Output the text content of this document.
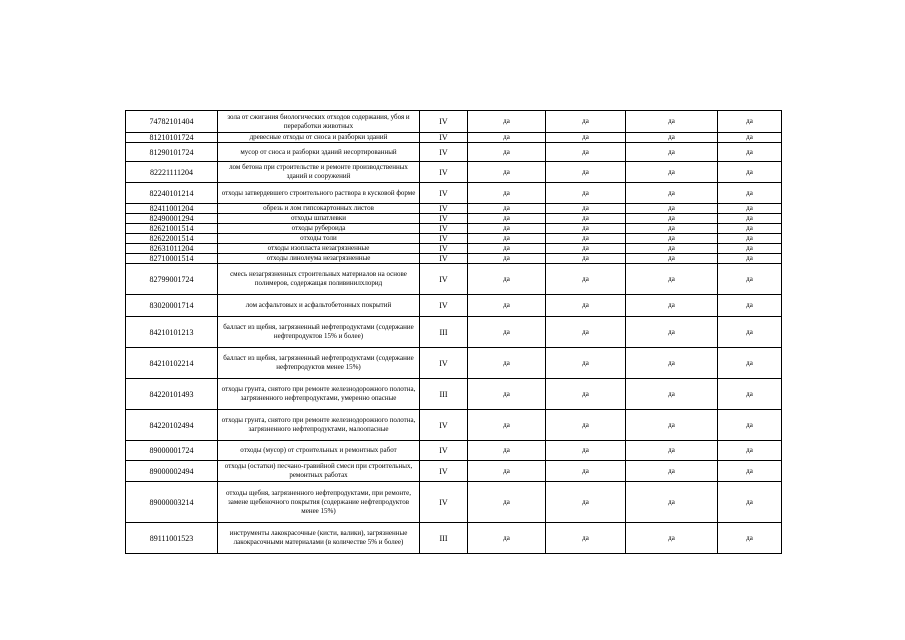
74782101404	зола от сжигания биологических отходов содержания, убоя и переработки животных	IV	да	да	да	да
81210101724	древесные отходы от сноса и разборки зданий	IV	да	да	да	да
81290101724	мусор от сноса и разборки зданий несортированный	IV	да	да	да	да
82221111204	лом бетона при строительстве и ремонте производственных зданий и сооружений	IV	да	да	да	да
82240101214	отходы затвердевшего строительного раствора в кусковой форме	IV	да	да	да	да
82411001204	обрезь и лом гипсокартонных листов	IV	да	да	да	да
82490001294	отходы шпатлевки	IV	да	да	да	да
82621001514	отходы рубероида	IV	да	да	да	да
82622001514	отходы толи	IV	да	да	да	да
82631011204	отходы изопласта незагрязненные	IV	да	да	да	да
82710001514	отходы линолеума незагрязненные	IV	да	да	да	да
82799001724	смесь незагрязненных строительных материалов на основе полимеров, содержащая поливинилхлорид	IV	да	да	да	да
83020001714	лом асфальтовых и асфальтобетонных покрытий	IV	да	да	да	да
84210101213	балласт из щебня, загрязненный нефтепродуктами (содержание нефтепродуктов 15% и более)	III	да	да	да	да
84210102214	балласт из щебня, загрязненный нефтепродуктами (содержание нефтепродуктов менее 15%)	IV	да	да	да	да
84220101493	отходы грунта, снятого при ремонте железнодорожного полотна, загрязненного нефтепродуктами, умеренно опасные	III	да	да	да	да
84220102494	отходы грунта, снятого при ремонте железнодорожного полотна, загрязненного нефтепродуктами, малоопасные	IV	да	да	да	да
89000001724	отходы (мусор) от строительных и ремонтных работ	IV	да	да	да	да
89000002494	отходы (остатки) песчано-гравийной смеси при строительных, ремонтных работах	IV	да	да	да	да
89000003214	отходы щебня, загрязненного нефтепродуктами, при ремонте, замене щебеночного покрытия (содержание нефтепродуктов менее 15%)	IV	да	да	да	да
89111001523	инструменты лакокрасочные (кисти, валики), загрязненные лакокрасочными материалами (в количестве 5% и более)	III	да	да	да	да
